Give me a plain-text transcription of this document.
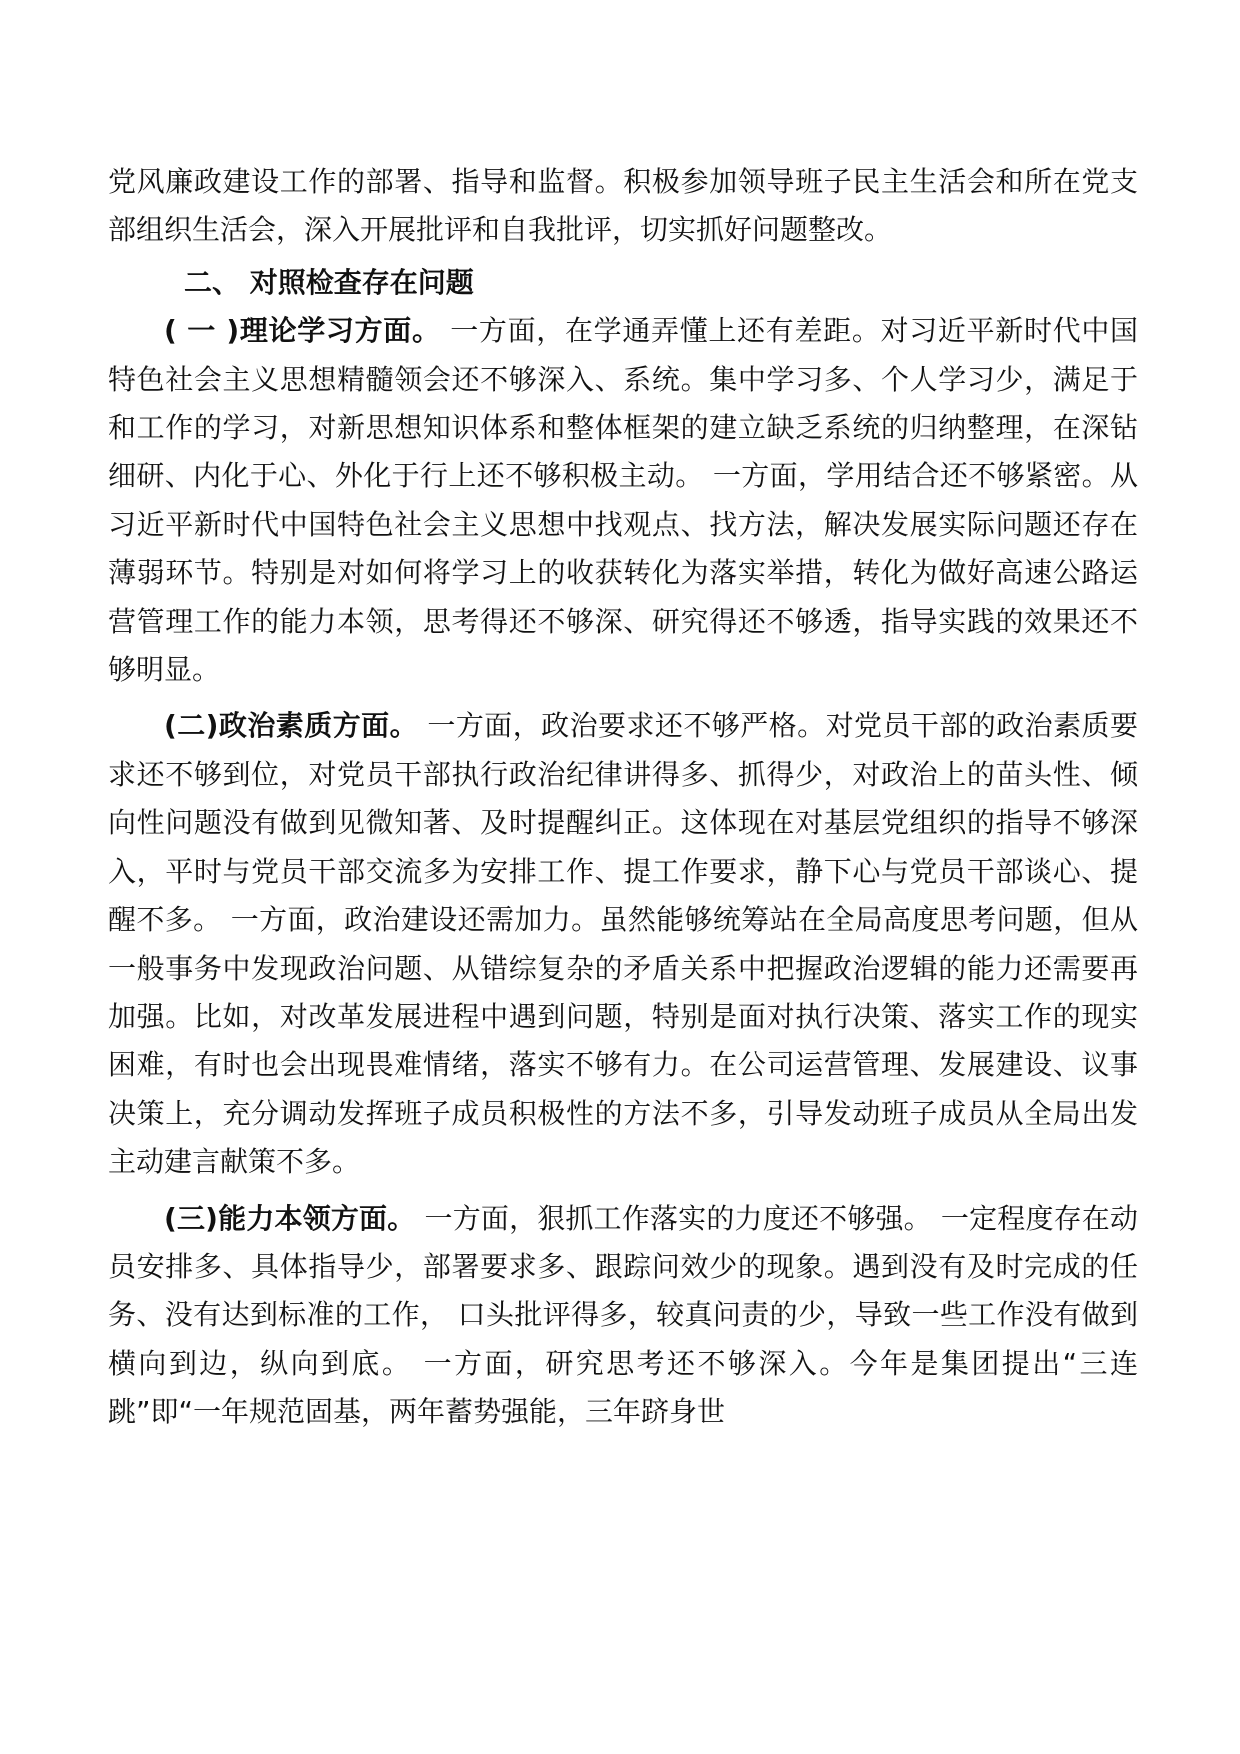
党风廉政建设工作的部署、指导和监督。积极参加领导班子民主生活会和所在党支部组织生活会，深入开展批评和自我批评，切实抓好问题整改。

二、 对照检查存在问题

( 一 )理论学习方面。 一方面，在学通弄懂上还有差距。对习近平新时代中国特色社会主义思想精髓领会还不够深入、系统。集中学习多、个人学习少，满足于和工作的学习，对新思想知识体系和整体框架的建立缺乏系统的归纳整理，在深钻细研、内化于心、外化于行上还不够积极主动。 一方面，学用结合还不够紧密。从习近平新时代中国特色社会主义思想中找观点、找方法，解决发展实际问题还存在薄弱环节。特别是对如何将学习上的收获转化为落实举措，转化为做好高速公路运营管理工作的能力本领，思考得还不够深、研究得还不够透，指导实践的效果还不够明显。

(二)政治素质方面。 一方面，政治要求还不够严格。对党员干部的政治素质要求还不够到位，对党员干部执行政治纪律讲得多、抓得少，对政治上的苗头性、倾向性问题没有做到见微知著、及时提醒纠正。这体现在对基层党组织的指导不够深入，平时与党员干部交流多为安排工作、提工作要求，静下心与党员干部谈心、提醒不多。 一方面，政治建设还需加力。虽然能够统筹站在全局高度思考问题，但从一般事务中发现政治问题、从错综复杂的矛盾关系中把握政治逻辑的能力还需要再加强。比如，对改革发展进程中遇到问题，特别是面对执行决策、落实工作的现实困难，有时也会出现畏难情绪，落实不够有力。在公司运营管理、发展建设、议事决策上，充分调动发挥班子成员积极性的方法不多，引导发动班子成员从全局出发主动建言献策不多。

(三)能力本领方面。 一方面，狠抓工作落实的力度还不够强。 一定程度存在动员安排多、具体指导少，部署要求多、跟踪问效少的现象。遇到没有及时完成的任务、没有达到标准的工作， 口头批评得多，较真问责的少，导致一些工作没有做到横向到边，纵向到底。 一方面，研究思考还不够深入。今年是集团提出“三连跳”即“一年规范固基，两年蓄势强能，三年跻身世
